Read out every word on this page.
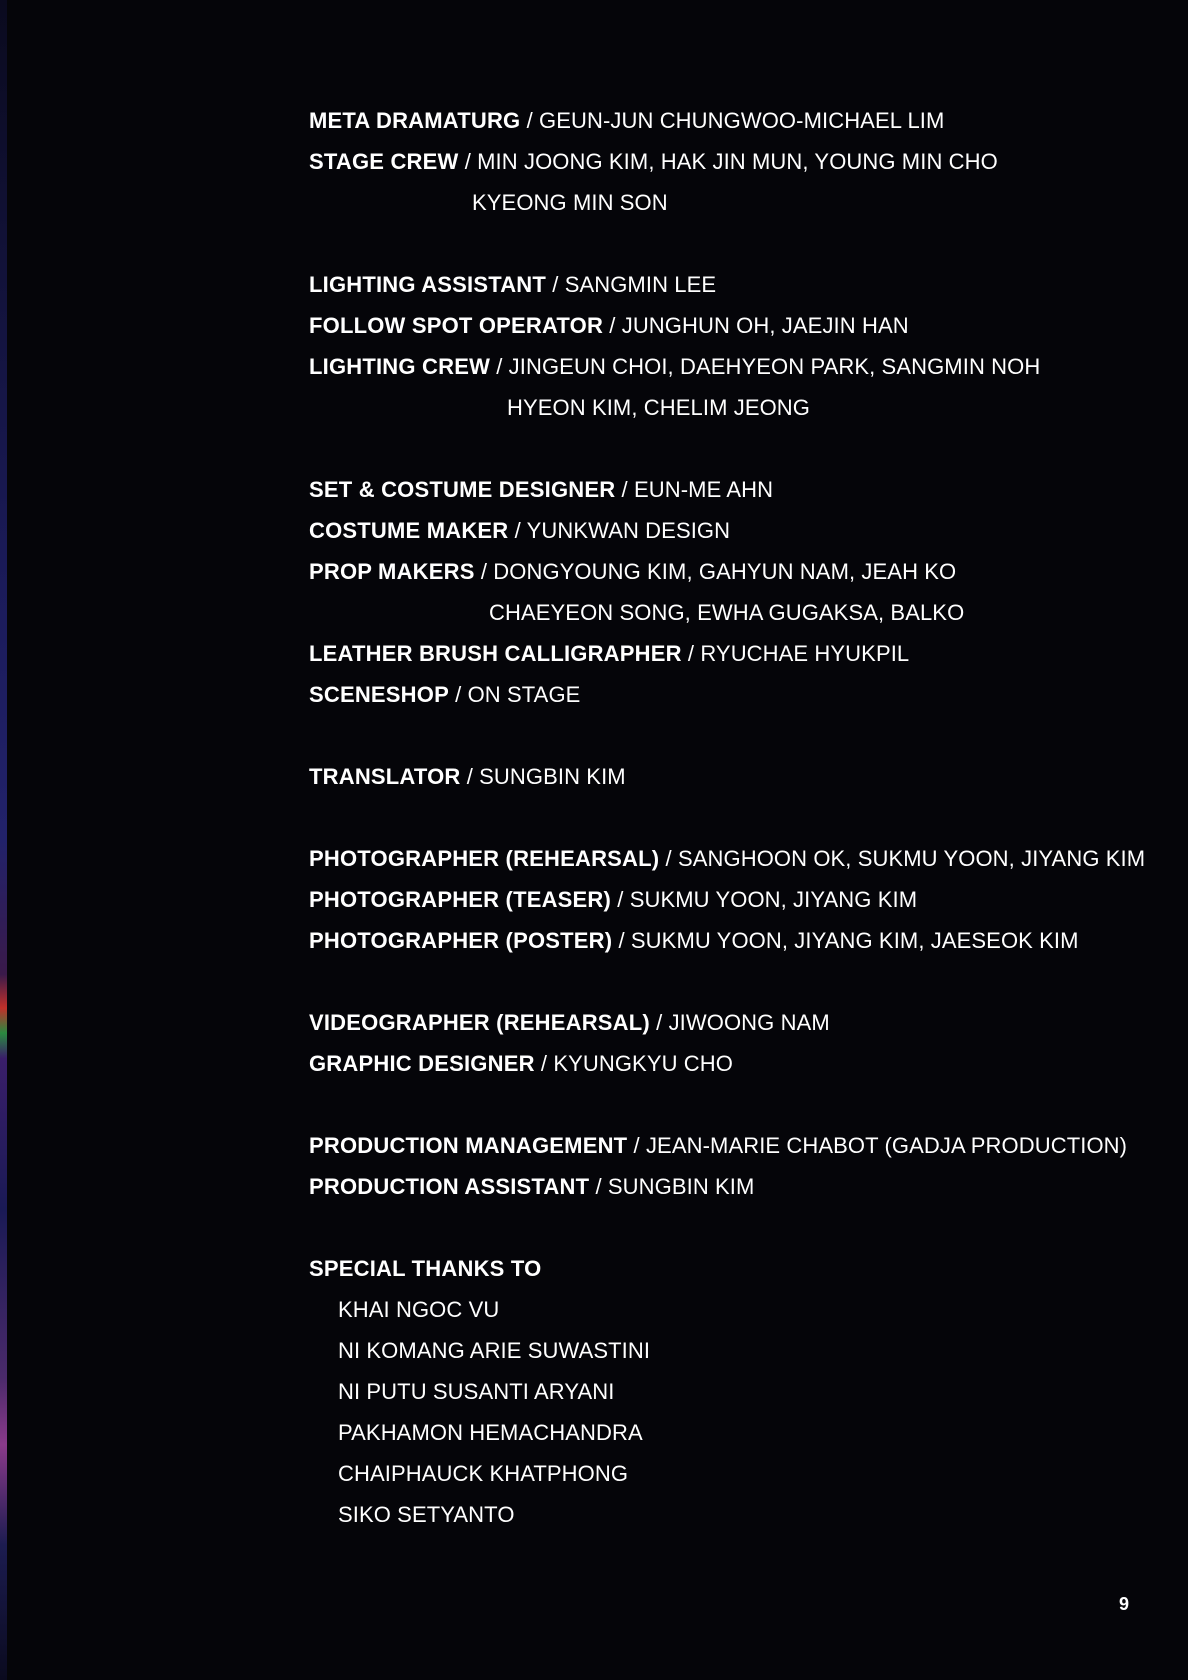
META DRAMATURG / GEUN-JUN CHUNGWOO-MICHAEL LIM
STAGE CREW / MIN JOONG KIM, HAK JIN MUN, YOUNG MIN CHO
KYEONG MIN SON
LIGHTING ASSISTANT / SANGMIN LEE
FOLLOW SPOT OPERATOR / JUNGHUN OH, JAEJIN HAN
LIGHTING CREW / JINGEUN CHOI, DAEHYEON PARK, SANGMIN NOH
HYEON KIM, CHELIM JEONG
SET & COSTUME DESIGNER / EUN-ME AHN
COSTUME MAKER / YUNKWAN DESIGN
PROP MAKERS / DONGYOUNG KIM, GAHYUN NAM, JEAH KO
CHAEYEON SONG, EWHA GUGAKSA, BALKO
LEATHER BRUSH CALLIGRAPHER / RYUCHAE HYUKPIL
SCENESHOP / ON STAGE
TRANSLATOR / SUNGBIN KIM
PHOTOGRAPHER (REHEARSAL) / SANGHOON OK, SUKMU YOON, JIYANG KIM
PHOTOGRAPHER (TEASER) / SUKMU YOON, JIYANG KIM
PHOTOGRAPHER (POSTER) / SUKMU YOON, JIYANG KIM, JAESEOK KIM
VIDEOGRAPHER (REHEARSAL) / JIWOONG NAM
GRAPHIC DESIGNER / KYUNGKYU CHO
PRODUCTION MANAGEMENT / JEAN-MARIE CHABOT (GADJA PRODUCTION)
PRODUCTION ASSISTANT / SUNGBIN KIM
SPECIAL THANKS TO
KHAI NGOC VU
NI KOMANG ARIE SUWASTINI
NI PUTU SUSANTI ARYANI
PAKHAMON HEMACHANDRA
CHAIPHAUCK KHATPHONG
SIKO SETYANTO
9
